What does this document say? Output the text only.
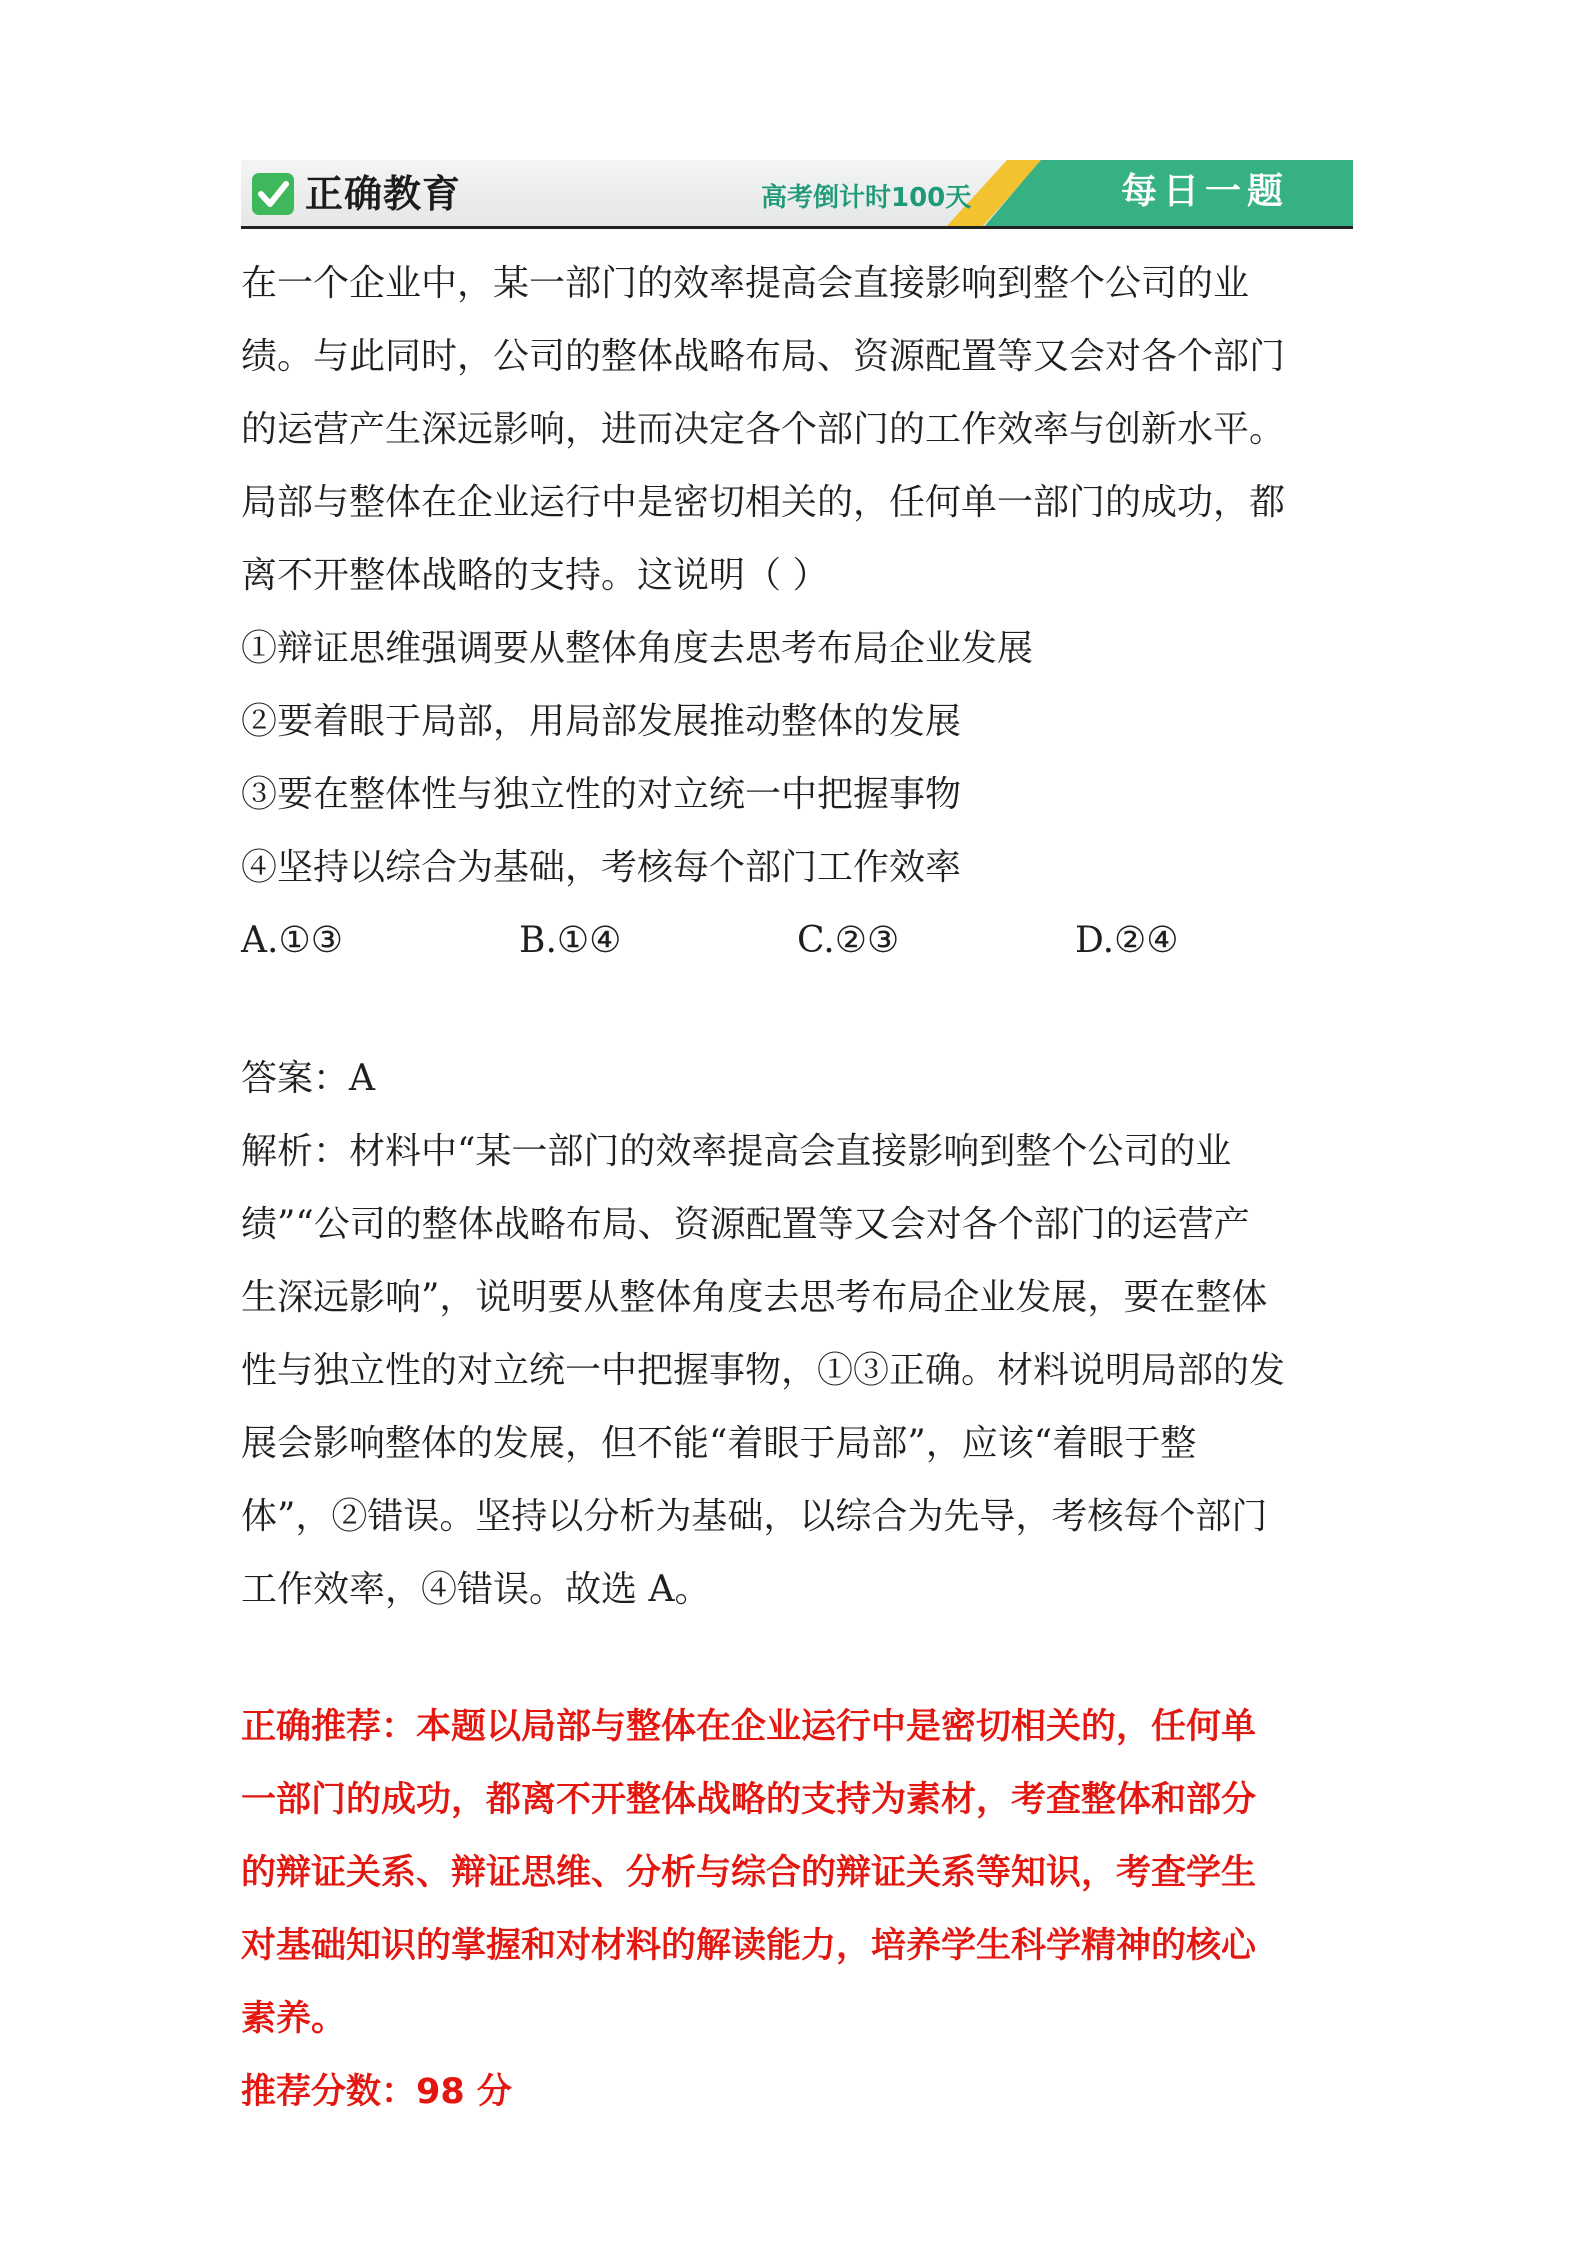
正确教育	高考倒计时100天	每日一题
在一个企业中，某一部门的效率提高会直接影响到整个公司的业
绩。与此同时，公司的整体战略布局、资源配置等又会对各个部门
的运营产生深远影响，进而决定各个部门的工作效率与创新水平。
局部与整体在企业运行中是密切相关的，任何单一部门的成功，都
离不开整体战略的支持。这说明（ ）
①辩证思维强调要从整体角度去思考布局企业发展
②要着眼于局部，用局部发展推动整体的发展
③要在整体性与独立性的对立统一中把握事物
④坚持以综合为基础，考核每个部门工作效率
A.①③	B.①④	C.②③	D.②④
答案：A
解析：材料中“某一部门的效率提高会直接影响到整个公司的业
绩”“公司的整体战略布局、资源配置等又会对各个部门的运营产
生深远影响”，说明要从整体角度去思考布局企业发展，要在整体
性与独立性的对立统一中把握事物，①③正确。材料说明局部的发
展会影响整体的发展，但不能“着眼于局部”，应该“着眼于整
体”，②错误。坚持以分析为基础，以综合为先导，考核每个部门
工作效率，④错误。故选 A。
正确推荐：本题以局部与整体在企业运行中是密切相关的，任何单
一部门的成功，都离不开整体战略的支持为素材，考查整体和部分
的辩证关系、辩证思维、分析与综合的辩证关系等知识，考查学生
对基础知识的掌握和对材料的解读能力，培养学生科学精神的核心
素养。
推荐分数：98 分
